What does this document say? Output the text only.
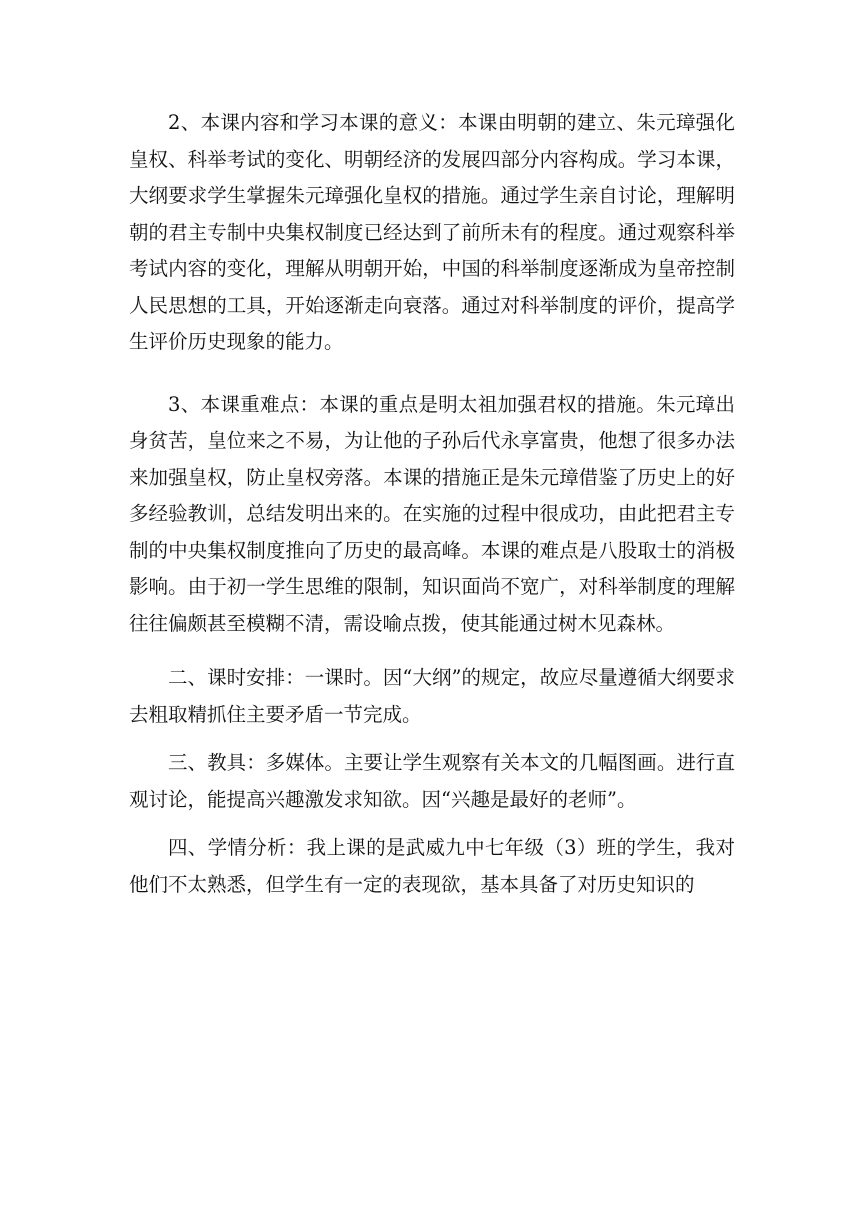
2、本课内容和学习本课的意义：本课由明朝的建立、朱元璋强化皇权、科举考试的变化、明朝经济的发展四部分内容构成。学习本课，大纲要求学生掌握朱元璋强化皇权的措施。通过学生亲自讨论，理解明朝的君主专制中央集权制度已经达到了前所未有的程度。通过观察科举考试内容的变化，理解从明朝开始，中国的科举制度逐渐成为皇帝控制人民思想的工具，开始逐渐走向衰落。通过对科举制度的评价，提高学生评价历史现象的能力。

3、本课重难点：本课的重点是明太祖加强君权的措施。朱元璋出身贫苦，皇位来之不易，为让他的子孙后代永享富贵，他想了很多办法来加强皇权，防止皇权旁落。本课的措施正是朱元璋借鉴了历史上的好多经验教训，总结发明出来的。在实施的过程中很成功，由此把君主专制的中央集权制度推向了历史的最高峰。本课的难点是八股取士的消极影响。由于初一学生思维的限制，知识面尚不宽广，对科举制度的理解往往偏颇甚至模糊不清，需设喻点拨，使其能通过树木见森林。

二、课时安排：一课时。因“大纲”的规定，故应尽量遵循大纲要求去粗取精抓住主要矛盾一节完成。

三、教具：多媒体。主要让学生观察有关本文的几幅图画。进行直观讨论，能提高兴趣激发求知欲。因“兴趣是最好的老师”。

四、学情分析：我上课的是武威九中七年级（3）班的学生，我对他们不太熟悉，但学生有一定的表现欲，基本具备了对历史知识的
